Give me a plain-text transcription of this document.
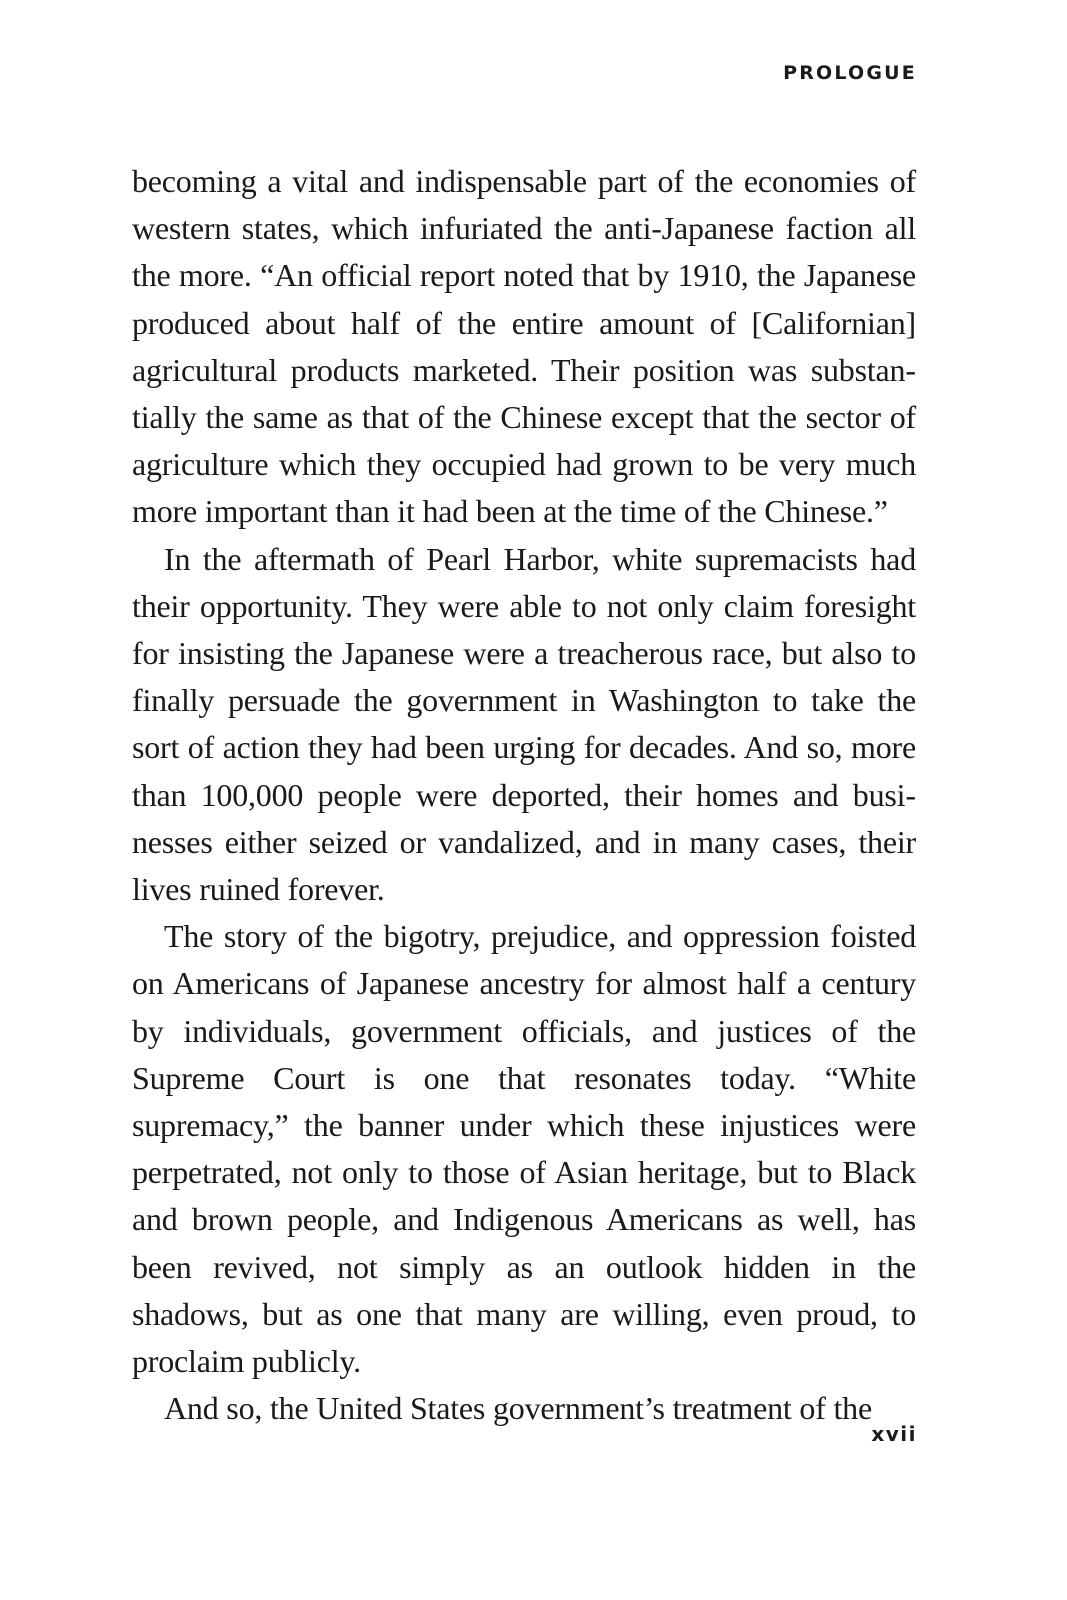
PROLOGUE

becoming a vital and indispensable part of the economies of western states, which infuriated the anti-Japanese faction all the more. “An official report noted that by 1910, the Japanese produced about half of the entire amount of [Californian] agricultural products marketed. Their position was substantially the same as that of the Chinese except that the sector of agriculture which they occupied had grown to be very much more important than it had been at the time of the Chinese.”

In the aftermath of Pearl Harbor, white supremacists had their opportunity. They were able to not only claim foresight for insisting the Japanese were a treacherous race, but also to finally persuade the government in Washington to take the sort of action they had been urging for decades. And so, more than 100,000 people were deported, their homes and businesses either seized or vandalized, and in many cases, their lives ruined forever.

The story of the bigotry, prejudice, and oppression foisted on Americans of Japanese ancestry for almost half a century by individuals, government officials, and justices of the Supreme Court is one that resonates today. “White supremacy,” the banner under which these injustices were perpetrated, not only to those of Asian heritage, but to Black and brown people, and Indigenous Americans as well, has been revived, not simply as an outlook hidden in the shadows, but as one that many are willing, even proud, to proclaim publicly.

And so, the United States government’s treatment of the

xvii
